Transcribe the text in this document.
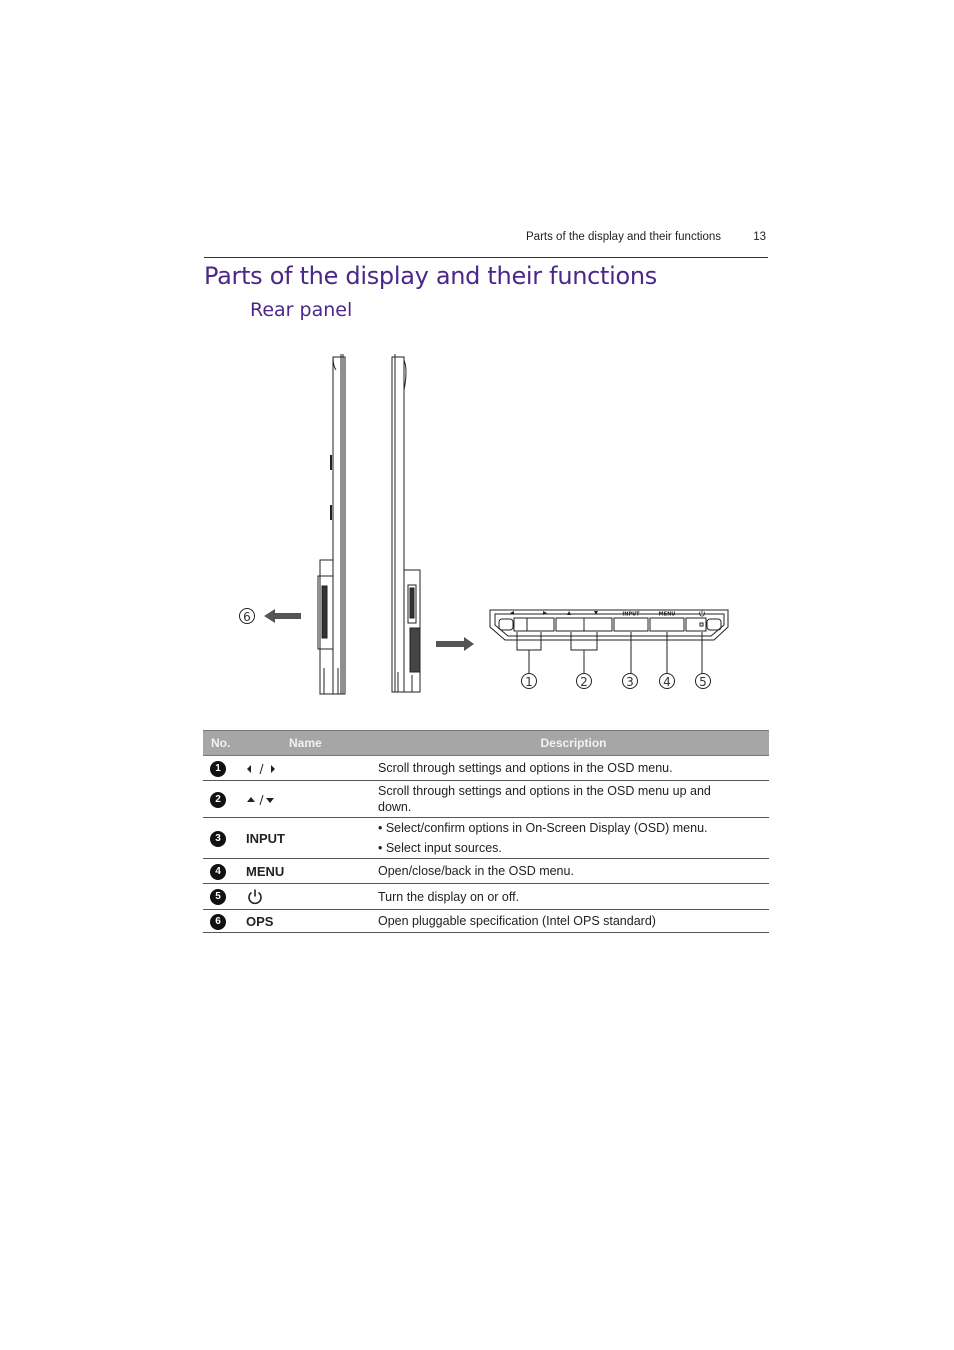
Parts of the display and their functions	13
Parts of the display and their functions
Rear panel
INPUT	MENU
1	2	3 4 5
6
No.	Name	Description
1		Scroll through settings and options in the OSD menu.
2		Scroll through settings and options in the OSD menu up and down.
3	INPUT	• Select/confirm options in On-Screen Display (OSD) menu.
• Select input sources.

4	MENU	Open/close/back in the OSD menu.
5		Turn the display on or off.
6	OPS	Open pluggable specification (Intel OPS standard)
